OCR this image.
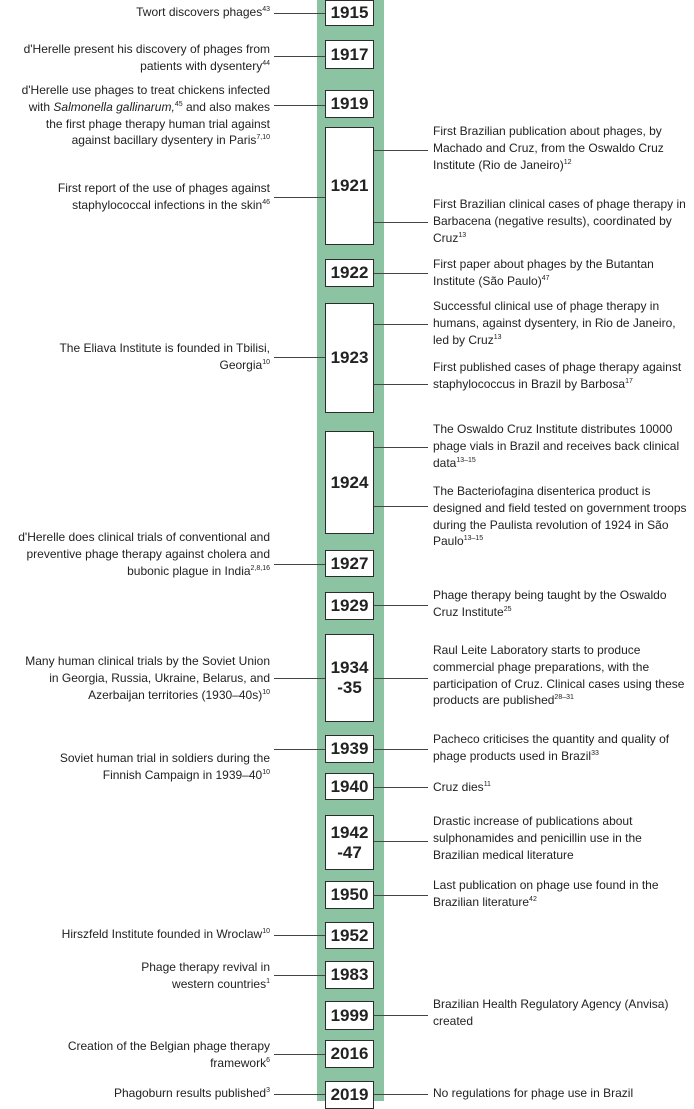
1915
1917
1919
1921
1922
1923
1924
1927
1929
1934
-35
1939
1940
1942
-47
1950
1952
1983
1999
2016
2019
Twort discovers phages$^{43}$
d'Herelle present his discovery of phages from patients with dysentery$^{44}$
d'Herelle use phages to treat chickens infected with Salmonella gallinarum,$^{45}$ and also makes the first phage therapy human trial against against bacillary dysentery in Paris$^{7,10}$
First report of the use of phages against staphylococcal infections in the skin$^{46}$
The Eliava Institute is founded in Tbilisi, Georgia$^{10}$
d'Herelle does clinical trials of conventional and preventive phage therapy against cholera and bubonic plague in India$^{2,8,16}$
Many human clinical trials by the Soviet Union in Georgia, Russia, Ukraine, Belarus, and Azerbaijan territories $(1930-40s)^{10}$
Soviet human trial in soldiers during the Finnish Campaign in $1939-40^{10}$
Hirszfeld Institute founded in Wroclaw$^{10}$
Phage therapy revival in western countries$^1$
Creation of the Belgian phage therapy framework$^6$
Phagoburn results published$^3$
First Brazilian publication about phages, by Machado and Cruz, from the Oswaldo Cruz Institute (Rio de Janeiro)$^{12}$
First Brazilian clinical cases of phage therapy in Barbacena (negative results), coordinated by Cruz$^{13}$
First paper about phages by the Butantan Institute (São Paulo)$^{47}$
Successful clinical use of phage therapy in humans, against dysentery, in Rio de Janeiro, led by Cruz$^{13}$
First published cases of phage therapy against staphylococcus in Brazil by Barbosa$^{17}$
The Oswaldo Cruz Institute distributes 10000 phage vials in Brazil and receives back clinical data$^{13-15}$
The Bacteriofagina disenterica product is designed and field tested on government troops during the Paulista revolution of 1924 in São Paulo$^{13-15}$
Phage therapy being taught by the Oswaldo Cruz Institute$^{25}$
Raul Leite Laboratory starts to produce commercial phage preparations, with the participation of Cruz. Clinical cases using these products are published$^{28-31}$
Pacheco criticises the quantity and quality of phage products used in Brazil$^{33}$
Cruz dies$^{11}$
Drastic increase of publications about sulphonamides and penicillin use in the Brazilian medical literature
Last publication on phage use found in the Brazilian literature$^{42}$
Brazilian Health Regulatory Agency (Anvisa) created
No regulations for phage use in Brazil
